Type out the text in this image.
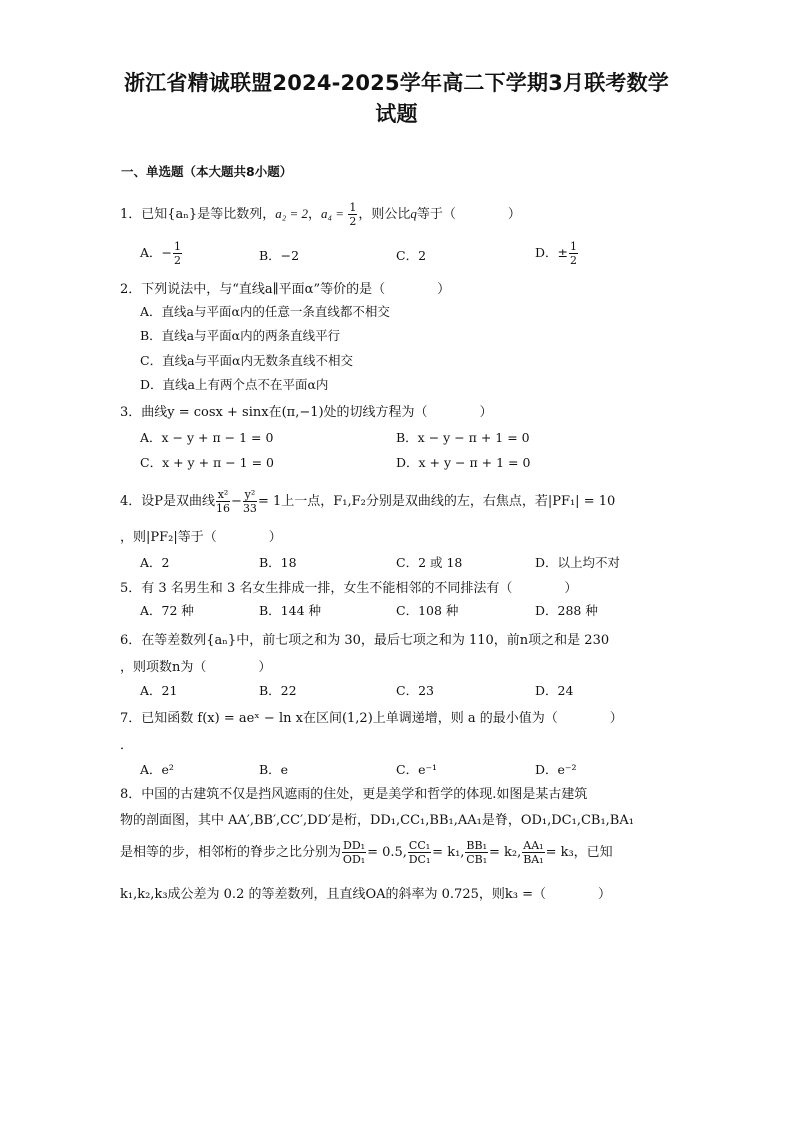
浙江省精诚联盟2024-2025学年高二下学期3月联考数学
试题
一、单选题（本大题共8小题）
1．已知{aₙ}是等比数列，a₂ = 2，$a_4 = \frac{1}{2}$ ，则公比q等于（　　　　）
A．− $\frac{1}{2}$	B．−2	C．2	D．± $\frac{1}{2}$
2．下列说法中，与“直线a∥平面α”等价的是（　　　　）
A．直线a与平面α内的任意一条直线都不相交
B．直线a与平面α内的两条直线平行
C．直线a与平面α内无数条直线不相交
D．直线a上有两个点不在平面α内
3．曲线y = cosx + sinx在(π,−1)处的切线方程为（　　　　）
A．x − y + π − 1 = 0	B．x − y − π + 1 = 0
C．x + y + π − 1 = 0	D．x + y − π + 1 = 0
4．设P是双曲线 $\frac{\text{x²}}{16} - \frac{\text{y²}}{33} = 1$上一点，F₁,F₂分别是双曲线的左，右焦点，若|PF₁| = 10
，则|PF₂|等于（　　　　）
A．2	B．18	C．2 或 18	D．以上均不对
5．有 3 名男生和 3 名女生排成一排，女生不能相邻的不同排法有（　　　　）
A．72 种	B．144 种	C．108 种	D．288 种
6．在等差数列{aₙ}中，前七项之和为 30，最后七项之和为 110，前n项之和是 230
，则项数n为（　　　　）
A．21	B．22	C．23	D．24
7．已知函数 f(x) = aeˣ − ln x在区间(1,2)上单调递增，则 a 的最小值为（　　　　）
．
A．e²	B．e	C．e⁻¹	D．e⁻²
8．中国的古建筑不仅是挡风遮雨的住处，更是美学和哲学的体现.如图是某古建筑
物的剖面图，其中 AA′,BB′,CC′,DD′是桁，DD₁,CC₁,BB₁,AA₁是脊，OD₁,DC₁,CB₁,BA₁
是相等的步，相邻桁的脊步之比分别为 $\frac{\text{DD₁}}{\text{OD₁}} = 0.5$, $\frac{\text{CC₁}}{\text{DC₁}} = k_1$, $\frac{\text{BB₁}}{\text{CB₁}} = k_2$, $\frac{\text{AA₁}}{\text{BA₁}} = k_3$，已知
k₁,k₂,k₃成公差为 0.2 的等差数列，且直线OA的斜率为 0.725，则k₃ =（　　　　）
